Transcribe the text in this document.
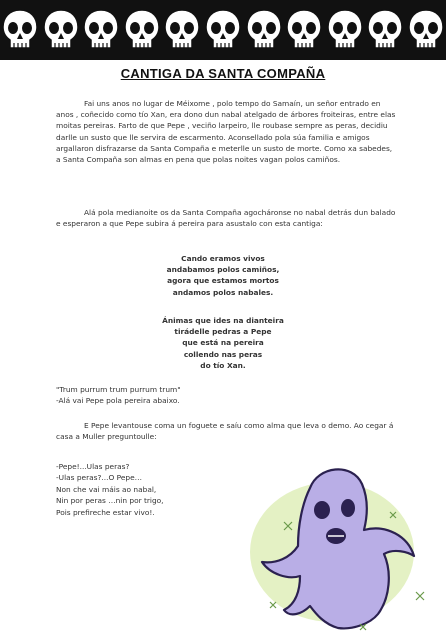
CANTIGA DA SANTA COMPAÑA
Fai uns anos no lugar de Méixome , polo tempo do Samaín, un señor entrado en anos , coñecido como tío Xan, era dono dun nabal atelgado de árbores froiteiras, entre elas moitas pereiras. Farto de que Pepe , veciño larpeiro, lle roubase sempre as peras, decidiu darlle un susto que lle servira de escarmento. Aconsellado pola súa familia e amigos argallaron disfrazarse da Santa Compaña e meterlle un susto de morte. Como xa sabedes, a Santa Compaña son almas en pena que polas noites vagan polos camiños.
Alá pola medianoite os da Santa Compaña agocháronse no nabal detrás dun balado e esperaron a que Pepe subira á pereira para asustalo con esta cantiga:
Cando eramos vivos
andabamos polos camiños,
agora que estamos mortos
andamos polos nabales.
Ánimas que ides na dianteira
tirádelle pedras a Pepe
que está na pereira
collendo nas peras
do tío Xan.
"Trum purrum trum purrum trum"
-Alá vai Pepe pola pereira abaixo.
E Pepe levantouse coma un foguete e saíu como alma que leva o demo. Ao cegar á casa a Muller preguntoulle:
-Pepe!...Ulas peras?
-Ulas peras?...O Pepe…
Non che vai máis ao nabal,
Nin por peras …nin por trigo,
Pois prefireche estar vivo!.
